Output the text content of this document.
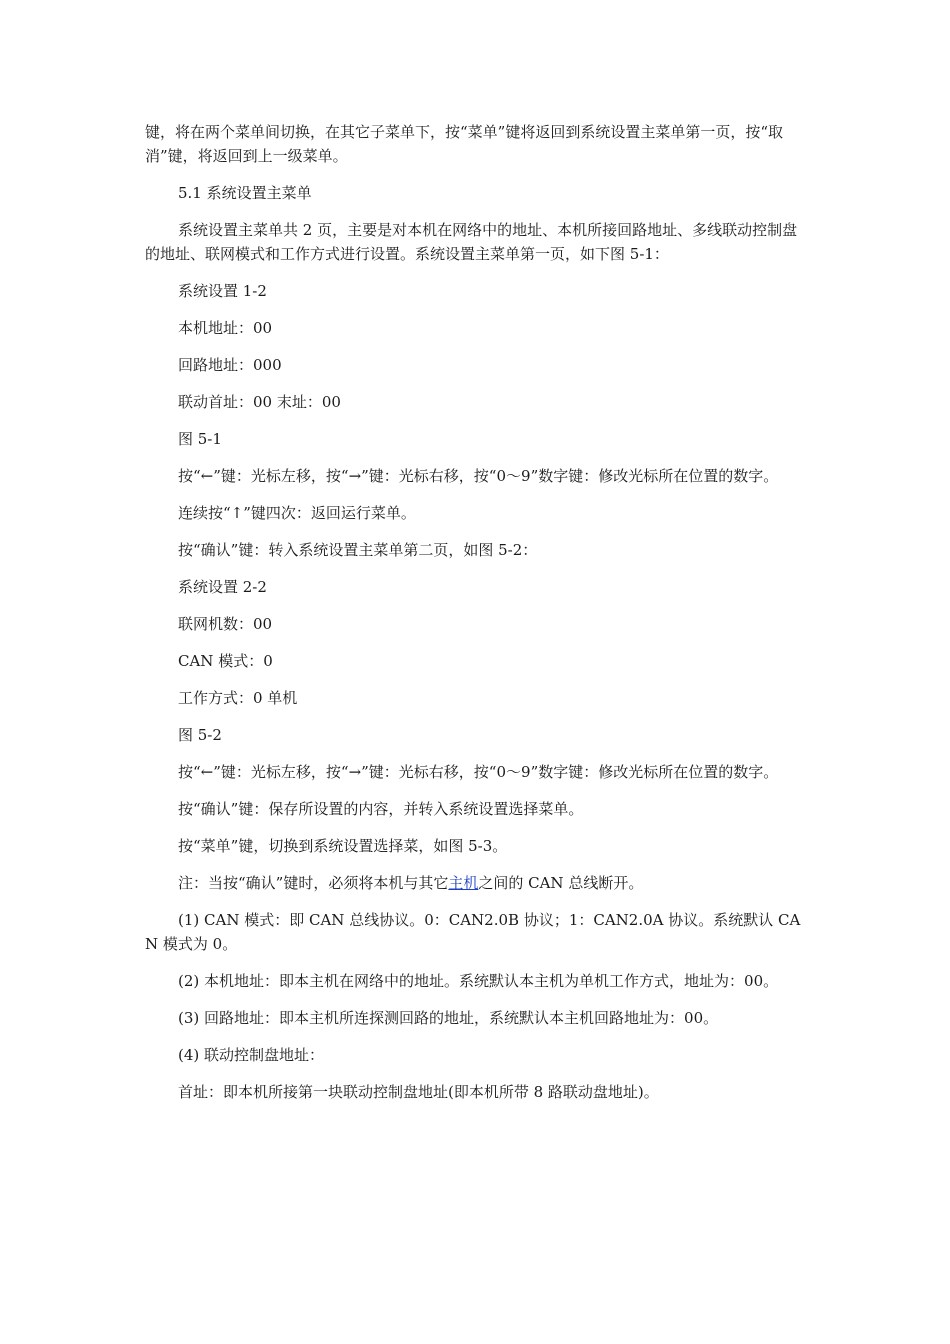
键，将在两个菜单间切换，在其它子菜单下，按“菜单”键将返回到系统设置主菜单第一页，按“取消”键，将返回到上一级菜单。

5.1 系统设置主菜单

系统设置主菜单共 2 页，主要是对本机在网络中的地址、本机所接回路地址、多线联动控制盘的地址、联网模式和工作方式进行设置。系统设置主菜单第一页，如下图 5-1：

系统设置 1-2

本机地址：00

回路地址：000

联动首址：00 末址：00

图 5-1

按“←”键：光标左移，按“→”键：光标右移，按“0～9”数字键：修改光标所在位置的数字。

连续按“↑”键四次：返回运行菜单。

按“确认”键：转入系统设置主菜单第二页，如图 5-2：

系统设置 2-2

联网机数：00

CAN 模式：0

工作方式：0 单机

图 5-2

按“←”键：光标左移，按“→”键：光标右移，按“0～9”数字键：修改光标所在位置的数字。

按“确认”键：保存所设置的内容，并转入系统设置选择菜单。

按“菜单”键，切换到系统设置选择菜，如图 5-3。

注：当按“确认”键时，必须将本机与其它主机之间的 CAN 总线断开。

(1) CAN 模式：即 CAN 总线协议。0：CAN2.0B 协议；1：CAN2.0A 协议。系统默认 CAN 模式为 0。

(2) 本机地址：即本主机在网络中的地址。系统默认本主机为单机工作方式，地址为：00。

(3) 回路地址：即本主机所连探测回路的地址，系统默认本主机回路地址为：00。

(4) 联动控制盘地址：

首址：即本机所接第一块联动控制盘地址(即本机所带 8 路联动盘地址)。
